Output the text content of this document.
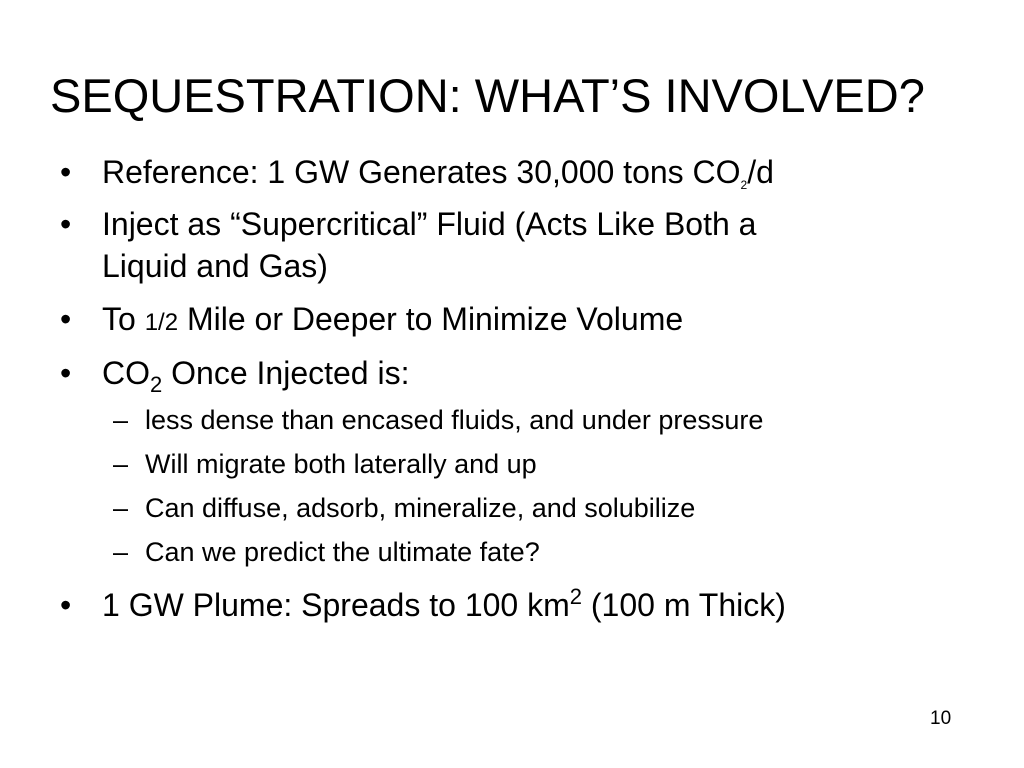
SEQUESTRATION: WHAT’S INVOLVED?
• Reference: 1 GW Generates 30,000 tons CO2/d
• Inject as “Supercritical” Fluid (Acts Like Both a
Liquid and Gas)
• To 1/2 Mile or Deeper to Minimize Volume
• $CO_2$ Once Injected is:
– less dense than encased fluids, and under pressure
– Will migrate both laterally and up
– Can diffuse, adsorb, mineralize, and solubilize
– Can we predict the ultimate fate?
• 1 GW Plume: Spreads to 100 $km^2$ (100 m Thick)
10
